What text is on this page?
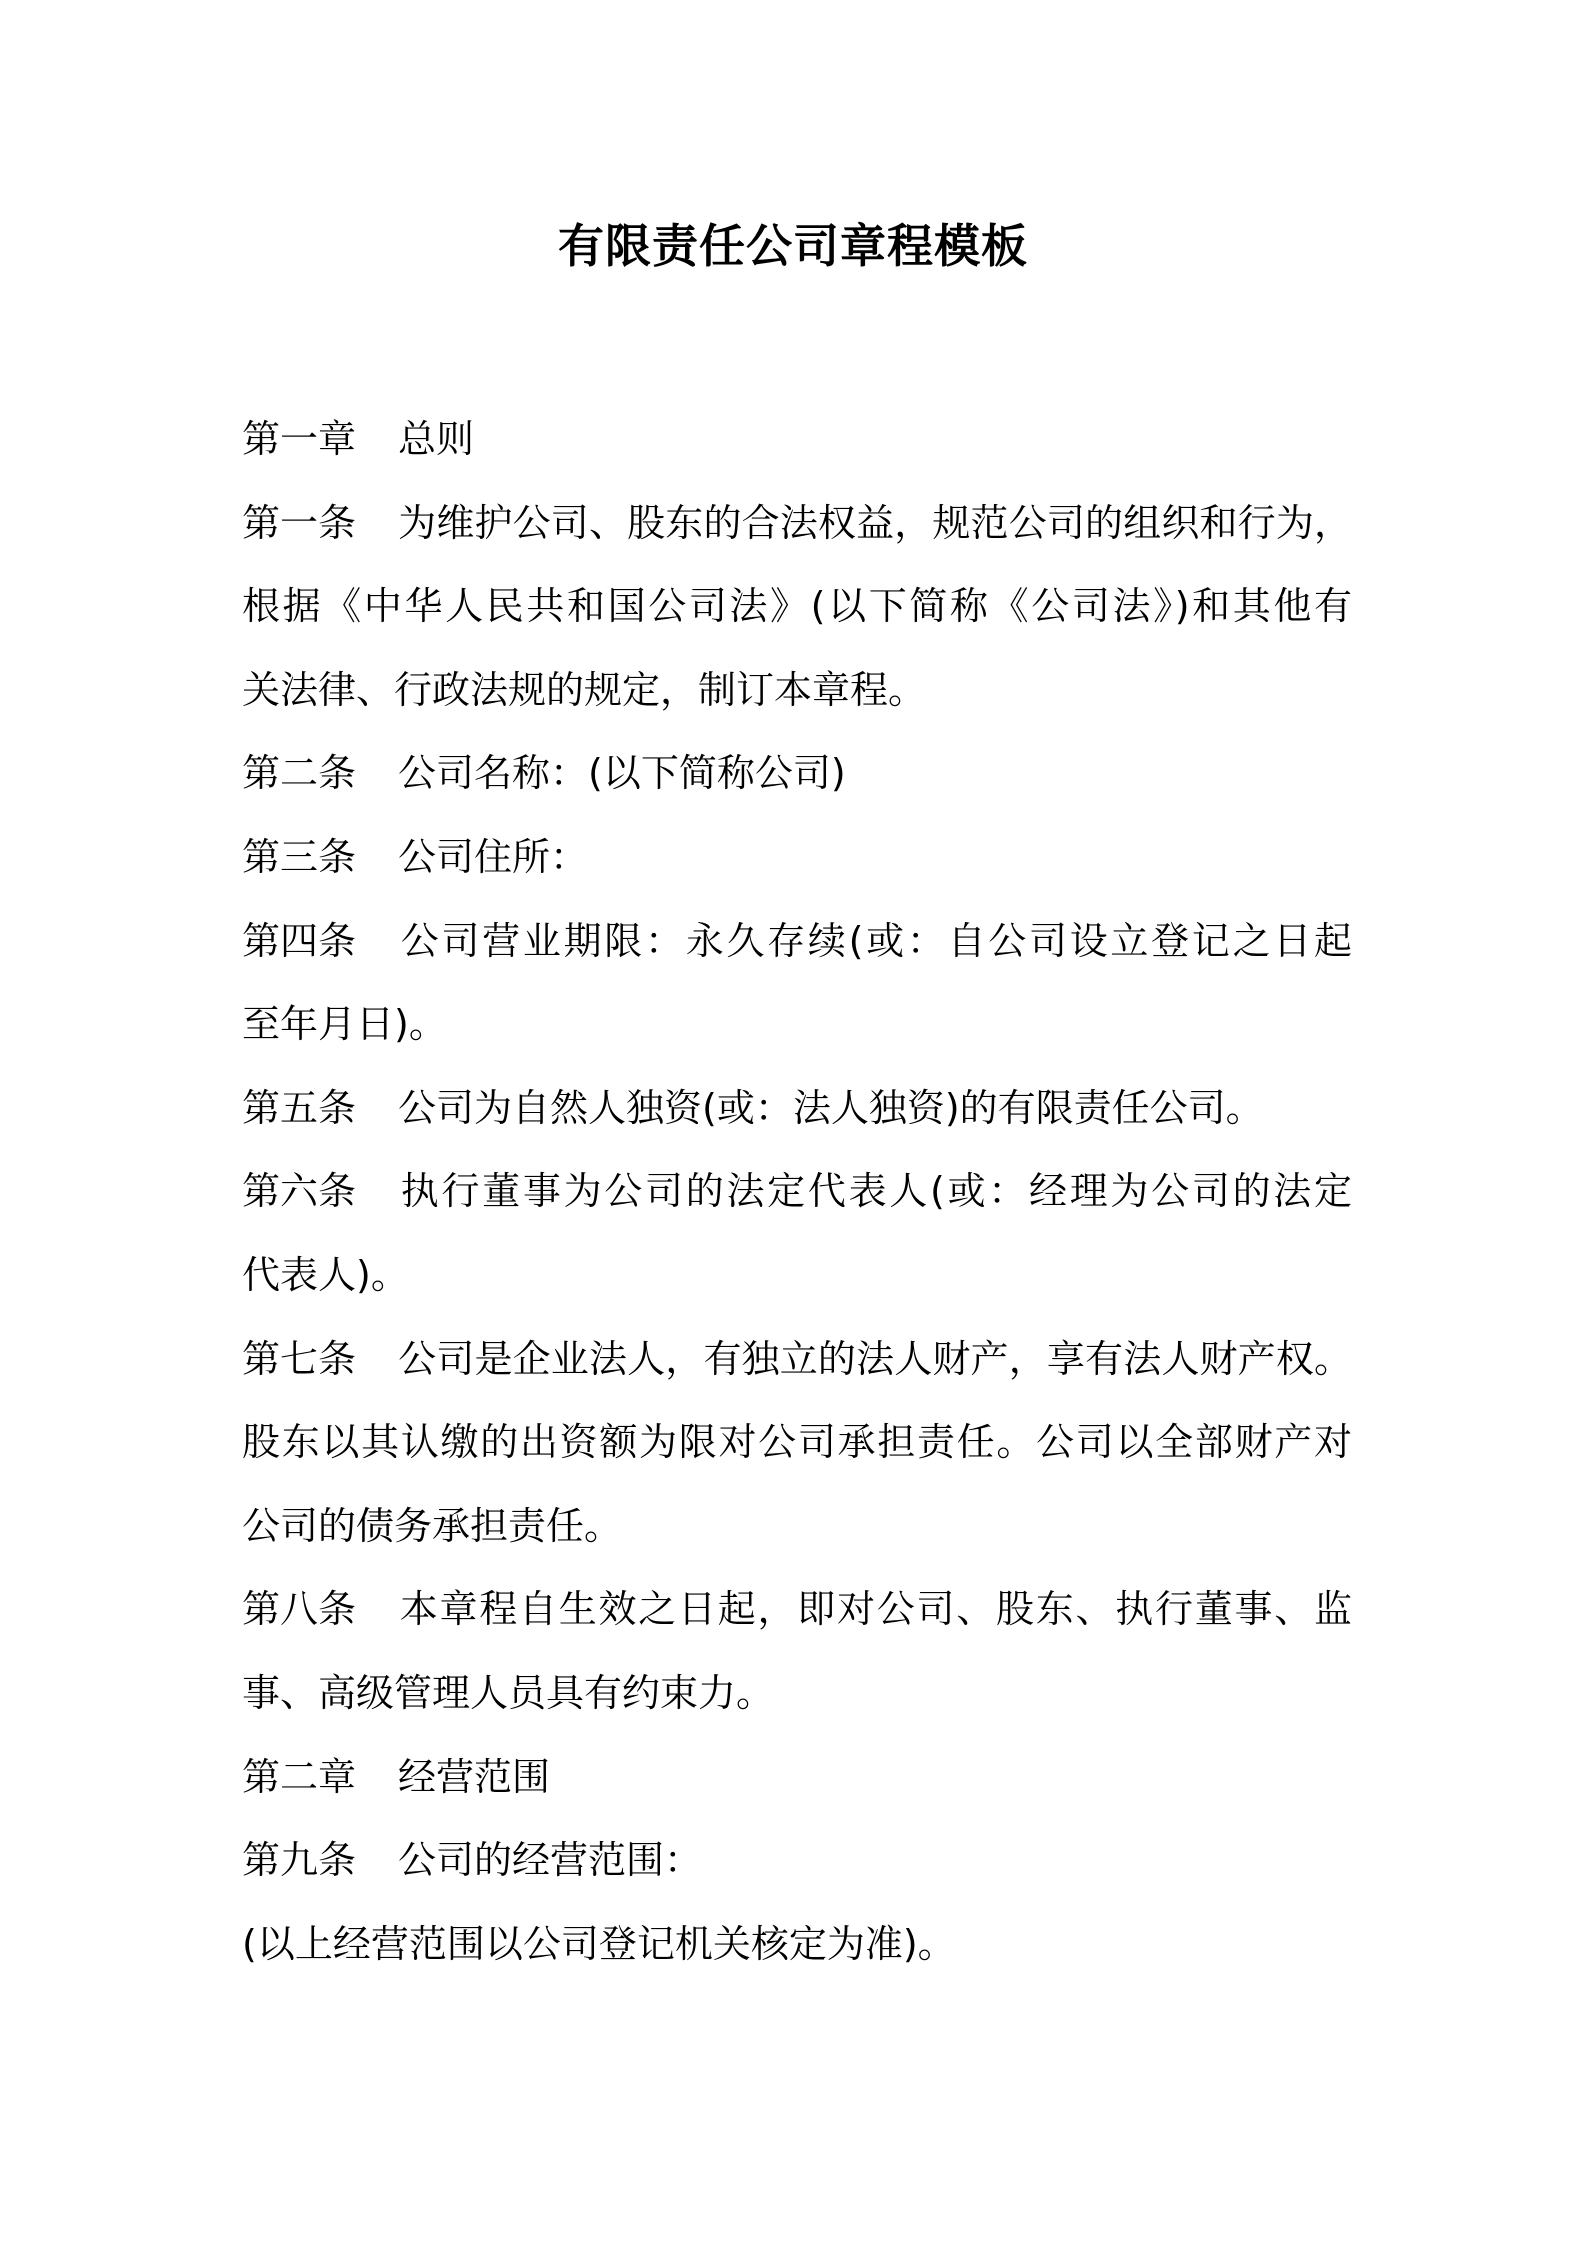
有限责任公司章程模板
第一章 总则
第一条 为维护公司、股东的合法权益，规范公司的组织和行为，
根据《中华人民共和国公司法》(以下简称《公司法》)和其他有
关法律、行政法规的规定，制订本章程。
第二条 公司名称：(以下简称公司)
第三条 公司住所：
第四条 公司营业期限：永久存续(或：自公司设立登记之日起
至年月日)。
第五条 公司为自然人独资(或：法人独资)的有限责任公司。
第六条 执行董事为公司的法定代表人(或：经理为公司的法定
代表人)。
第七条 公司是企业法人，有独立的法人财产，享有法人财产权。
股东以其认缴的出资额为限对公司承担责任。公司以全部财产对
公司的债务承担责任。
第八条 本章程自生效之日起，即对公司、股东、执行董事、监
事、高级管理人员具有约束力。
第二章 经营范围
第九条 公司的经营范围：
(以上经营范围以公司登记机关核定为准)。
